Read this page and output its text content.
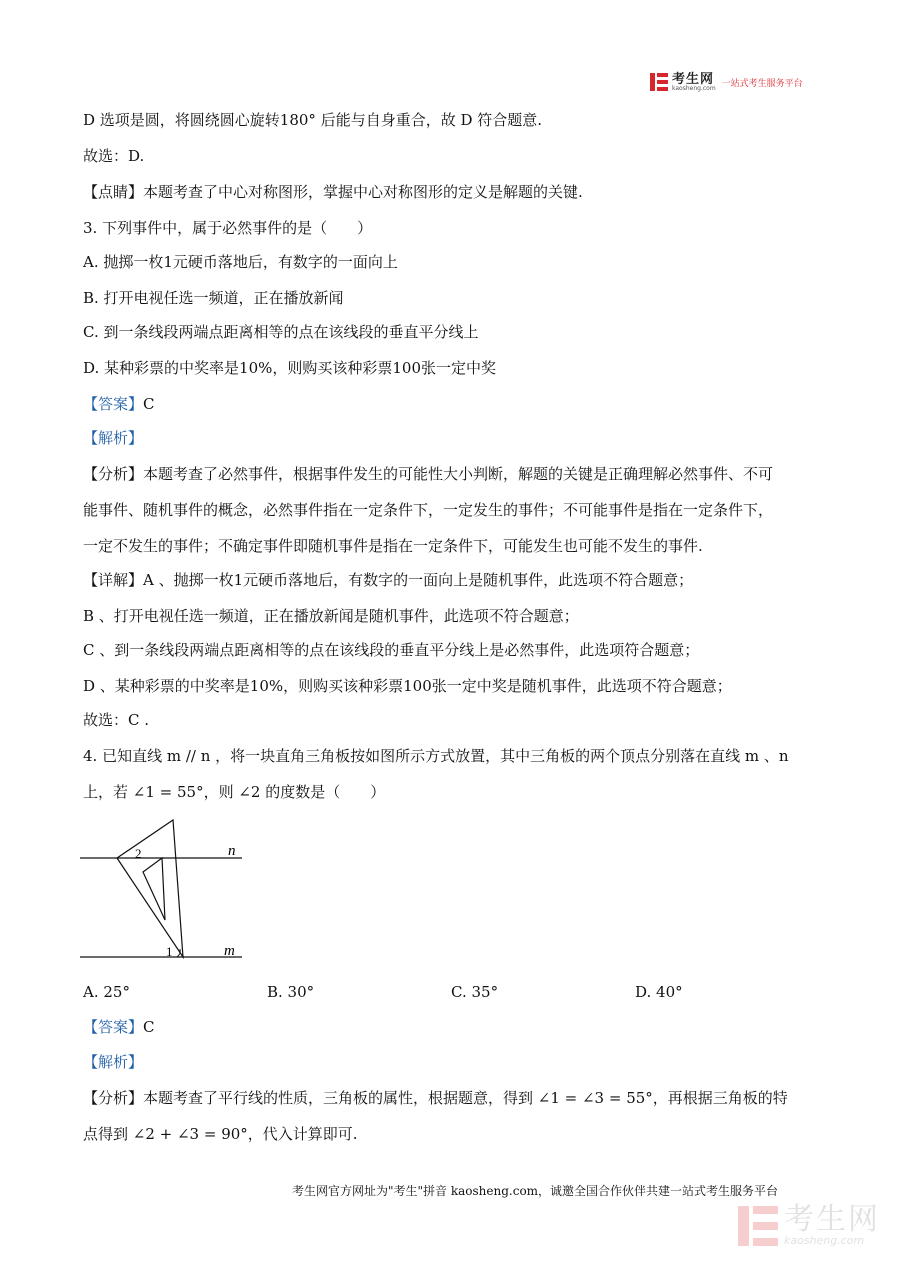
考生网
kaosheng.com 一站式考生服务平台
D 选项是圆，将圆绕圆心旋转180° 后能与自身重合，故 D 符合题意.
故选：D.
【点睛】本题考查了中心对称图形，掌握中心对称图形的定义是解题的关键.
3. 下列事件中，属于必然事件的是（　　）
A. 抛掷一枚1元硬币落地后，有数字的一面向上
B. 打开电视任选一频道，正在播放新闻
C. 到一条线段两端点距离相等的点在该线段的垂直平分线上
D. 某种彩票的中奖率是10%，则购买该种彩票100张一定中奖
【答案】C
【解析】
【分析】本题考查了必然事件，根据事件发生的可能性大小判断，解题的关键是正确理解必然事件、不可
能事件、随机事件的概念，必然事件指在一定条件下，一定发生的事件；不可能事件是指在一定条件下，
一定不发生的事件；不确定事件即随机事件是指在一定条件下，可能发生也可能不发生的事件.
【详解】A 、抛掷一枚1元硬币落地后，有数字的一面向上是随机事件，此选项不符合题意；
B 、打开电视任选一频道，正在播放新闻是随机事件，此选项不符合题意；
C 、到一条线段两端点距离相等的点在该线段的垂直平分线上是必然事件，此选项符合题意；
D 、某种彩票的中奖率是10%，则购买该种彩票100张一定中奖是随机事件，此选项不符合题意；
故选：C .
4. 已知直线 m // n ，将一块直角三角板按如图所示方式放置，其中三角板的两个顶点分别落在直线 m 、n
上，若 ∠1 = 55°，则 ∠2 的度数是（　　）
2
1
n
m
A. 25°	B. 30°	C. 35°	D. 40°
【答案】C
【解析】
【分析】本题考查了平行线的性质，三角板的属性，根据题意，得到 ∠1 = ∠3 = 55°，再根据三角板的特
点得到 ∠2 + ∠3 = 90°，代入计算即可.
考生网官方网址为"考生"拼音 kaosheng.com，诚邀全国合作伙伴共建一站式考生服务平台
考生网
kaosheng.com
